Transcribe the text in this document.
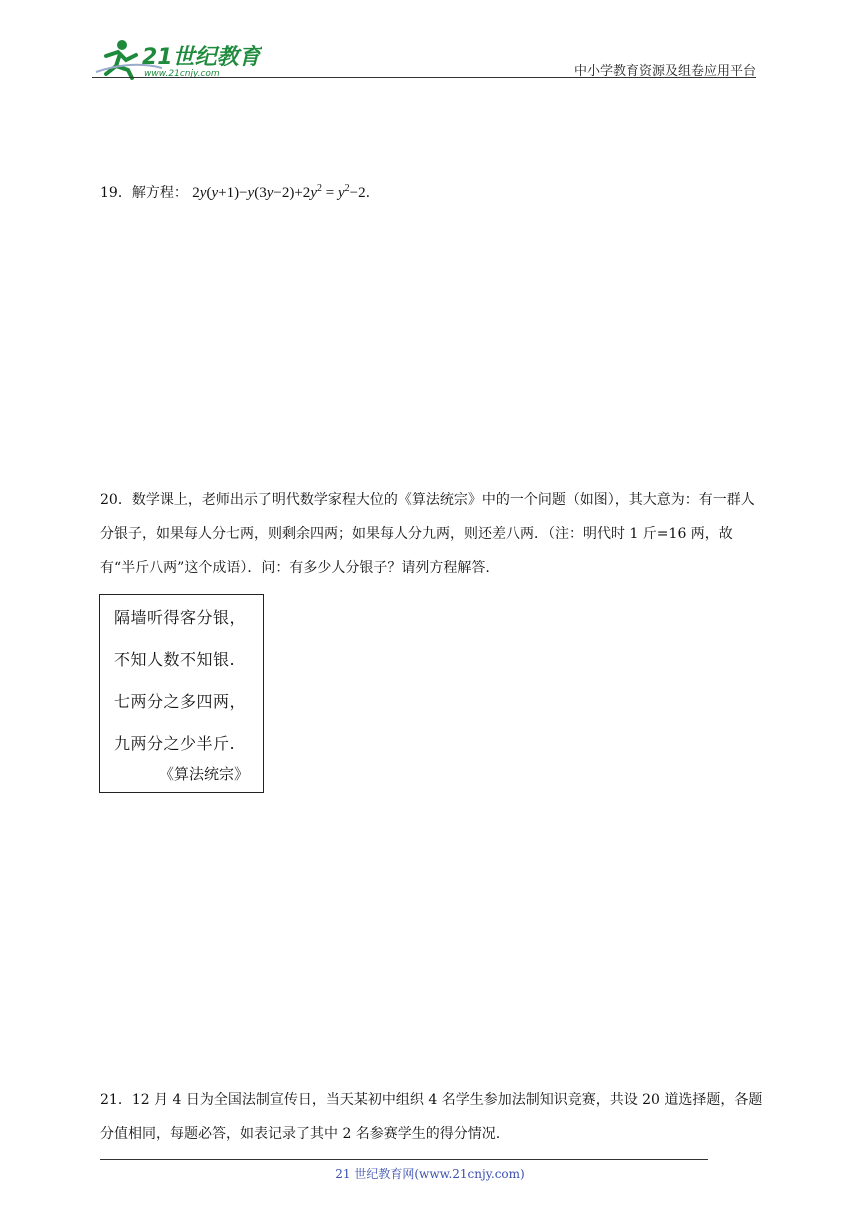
21世纪教育
www.21cnjy.com	中小学教育资源及组卷应用平台
19．解方程： $2y(y+1)-y(3y-2)+2y^2 = y^2-2$.
20．数学课上，老师出示了明代数学家程大位的《算法统宗》中的一个问题（如图），其大意为：有一群人分银子，如果每人分七两，则剩余四两；如果每人分九两，则还差八两．（注：明代时 1 斤=16 两，故有“半斤八两”这个成语）．问：有多少人分银子？请列方程解答.
隔墙听得客分银，
不知人数不知银.
七两分之多四两，
九两分之少半斤.
《算法统宗》
21．12 月 4 日为全国法制宣传日，当天某初中组织 4 名学生参加法制知识竞赛，共设 20 道选择题，各题分值相同，每题必答，如表记录了其中 2 名参赛学生的得分情况.
21 世纪教育网(www.21cnjy.com)
